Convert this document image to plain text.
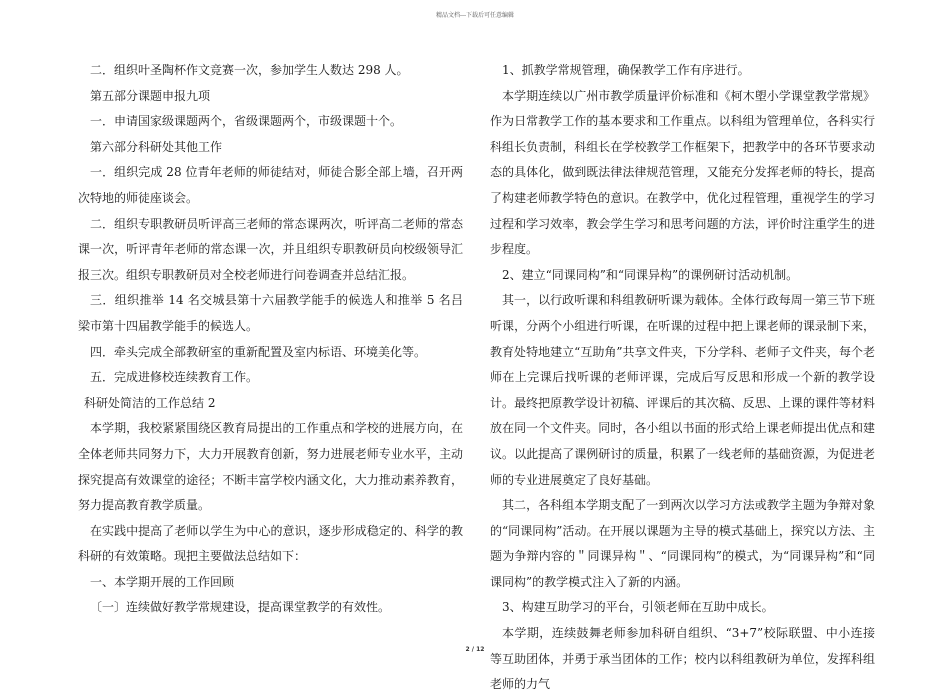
精品文档---下载后可任意编辑

二．组织叶圣陶杯作文竞赛一次，参加学生人数达 298 人。

第五部分课题申报九项

一．申请国家级课题两个，省级课题两个，市级课题十个。

第六部分科研处其他工作

一．组织完成 28 位青年老师的师徒结对，师徒合影全部上墙，召开两次特地的师徒座谈会。

二．组织专职教研员听评高三老师的常态课两次，听评高二老师的常态课一次，听评青年老师的常态课一次，并且组织专职教研员向校级领导汇报三次。组织专职教研员对全校老师进行问卷调查并总结汇报。

三．组织推举 14 名交城县第十六届教学能手的候选人和推举 5 名吕梁市第十四届教学能手的候选人。

四．牵头完成全部教研室的重新配置及室内标语、环境美化等。

五．完成进修校连续教育工作。

科研处简洁的工作总结 2

本学期，我校紧紧围绕区教育局提出的工作重点和学校的进展方向，在全体老师共同努力下，大力开展教育创新，努力进展老师专业水平，主动探究提高有效课堂的途径；不断丰富学校内涵文化，大力推动素养教育，努力提高教育教学质量。

在实践中提高了老师以学生为中心的意识，逐步形成稳定的、科学的教科研的有效策略。现把主要做法总结如下：

一、本学期开展的工作回顾

〔一〕连续做好教学常规建设，提高课堂教学的有效性。

1、抓教学常规管理，确保教学工作有序进行。

本学期连续以广州市教学质量评价标准和《柯木塱小学课堂教学常规》作为日常教学工作的基本要求和工作重点。以科组为管理单位，各科实行科组长负责制，科组长在学校教学工作框架下，把教学中的各环节要求动态的具体化，做到既法律法律规范管理，又能充分发挥老师的特长，提高了构建老师教学特色的意识。在教学中，优化过程管理，重视学生的学习过程和学习效率，教会学生学习和思考问题的方法，评价时注重学生的进步程度。

2、建立“同课同构”和“同课异构”的课例研讨活动机制。

其一，以行政听课和科组教研听课为载体。全体行政每周一第三节下班听课，分两个小组进行听课，在听课的过程中把上课老师的课录制下来，教育处特地建立“互助角”共享文件夹，下分学科、老师子文件夹，每个老师在上完课后找听课的老师评课，完成后写反思和形成一个新的教学设计。最终把原教学设计初稿、评课后的其次稿、反思、上课的课件等材料放在同一个文件夹。同时，各小组以书面的形式给上课老师提出优点和建议。以此提高了课例研讨的质量，积累了一线老师的基础资源，为促进老师的专业进展奠定了良好基础。

其二，各科组本学期支配了一到两次以学习方法或教学主题为争辩对象的“同课同构”活动。在开展以课题为主导的模式基础上，探究以方法、主题为争辩内容的＂同课异构＂、“同课同构”的模式，为“同课异构”和“同课同构”的教学模式注入了新的内涵。

3、构建互助学习的平台，引领老师在互助中成长。

本学期，连续鼓舞老师参加科研自组织、“3+7”校际联盟、中小连接等互助团体，并勇于承当团体的工作；校内以科组教研为单位，发挥科组老师的力气

2 / 12
